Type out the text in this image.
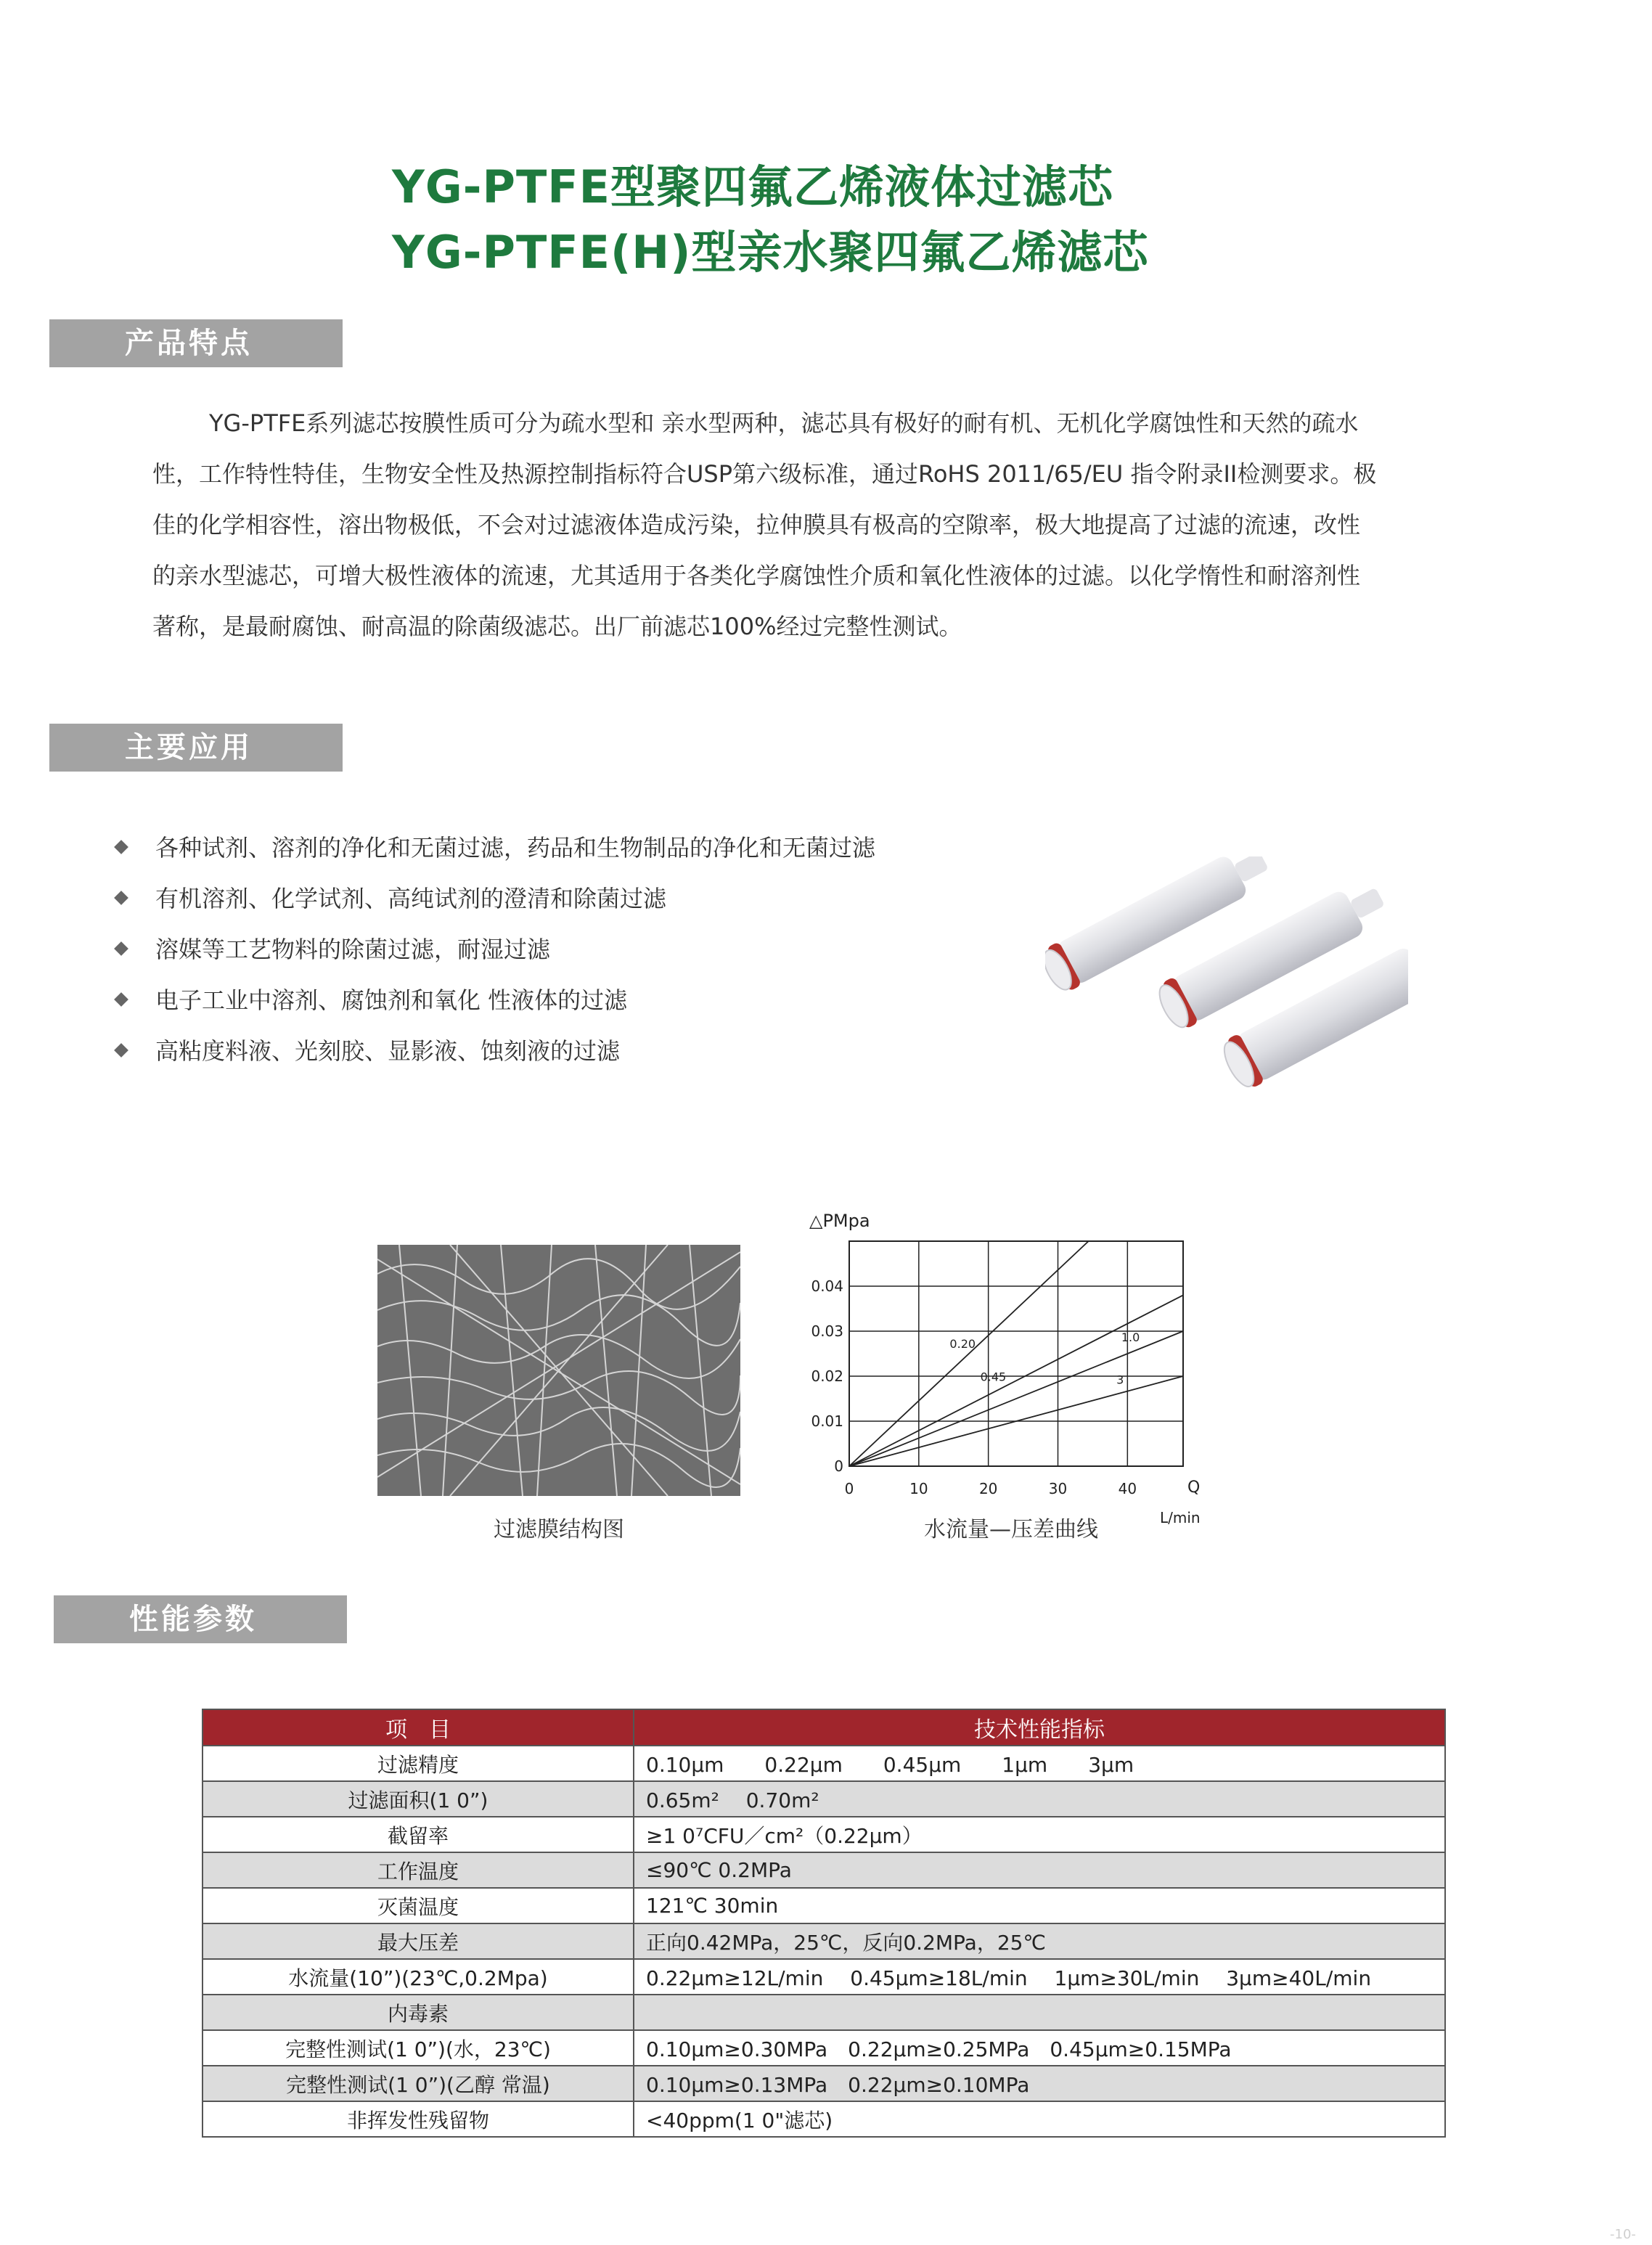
YG-PTFE型聚四氟乙烯液体过滤芯
YG-PTFE(H)型亲水聚四氟乙烯滤芯
产品特点
YG-PTFE系列滤芯按膜性质可分为疏水型和 亲水型两种，滤芯具有极好的耐有机、无机化学腐蚀性和天然的疏水
性，工作特性特佳，生物安全性及热源控制指标符合USP第六级标准，通过RoHS 2011/65/EU 指令附录II检测要求。极
佳的化学相容性，溶出物极低，不会对过滤液体造成污染，拉伸膜具有极高的空隙率，极大地提高了过滤的流速，改性
的亲水型滤芯，可增大极性液体的流速，尤其适用于各类化学腐蚀性介质和氧化性液体的过滤。以化学惰性和耐溶剂性
著称，是最耐腐蚀、耐高温的除菌级滤芯。出厂前滤芯100%经过完整性测试。
主要应用
各种试剂、溶剂的净化和无菌过滤，药品和生物制品的净化和无菌过滤
有机溶剂、化学试剂、高纯试剂的澄清和除菌过滤
溶媒等工艺物料的除菌过滤，耐湿过滤
电子工业中溶剂、腐蚀剂和氧化 性液体的过滤
高粘度料液、光刻胶、显影液、蚀刻液的过滤
过滤膜结构图
0
0.01
0.02
0.03
0.04
0	10	20	30	40
△PMpa
Q
L/min
0.20
0.45
1.0
3
水流量—压差曲线
性能参数
项　目	技术性能指标
过滤精度	0.10μm　　0.22μm　　0.45μm　　1μm　　3μm
过滤面积(1 0”)	0.65m²　 0.70m²
截留率	≥1 0⁷CFU／cm²（0.22μm）
工作温度	≤90℃ 0.2MPa
灭菌温度	121℃ 30min
最大压差	正向0.42MPa，25℃，反向0.2MPa，25℃
水流量(10”)(23℃,0.2Mpa)	0.22μm≥12L/min　 0.45μm≥18L/min　 1μm≥30L/min　 3μm≥40L/min
内毒素	
完整性测试(1 0”)(水，23℃)	0.10μm≥0.30MPa　0.22μm≥0.25MPa　0.45μm≥0.15MPa
完整性测试(1 0”)(乙醇 常温)	0.10μm≥0.13MPa　0.22μm≥0.10MPa
非挥发性残留物	<40ppm(1 0"滤芯)
-10-
